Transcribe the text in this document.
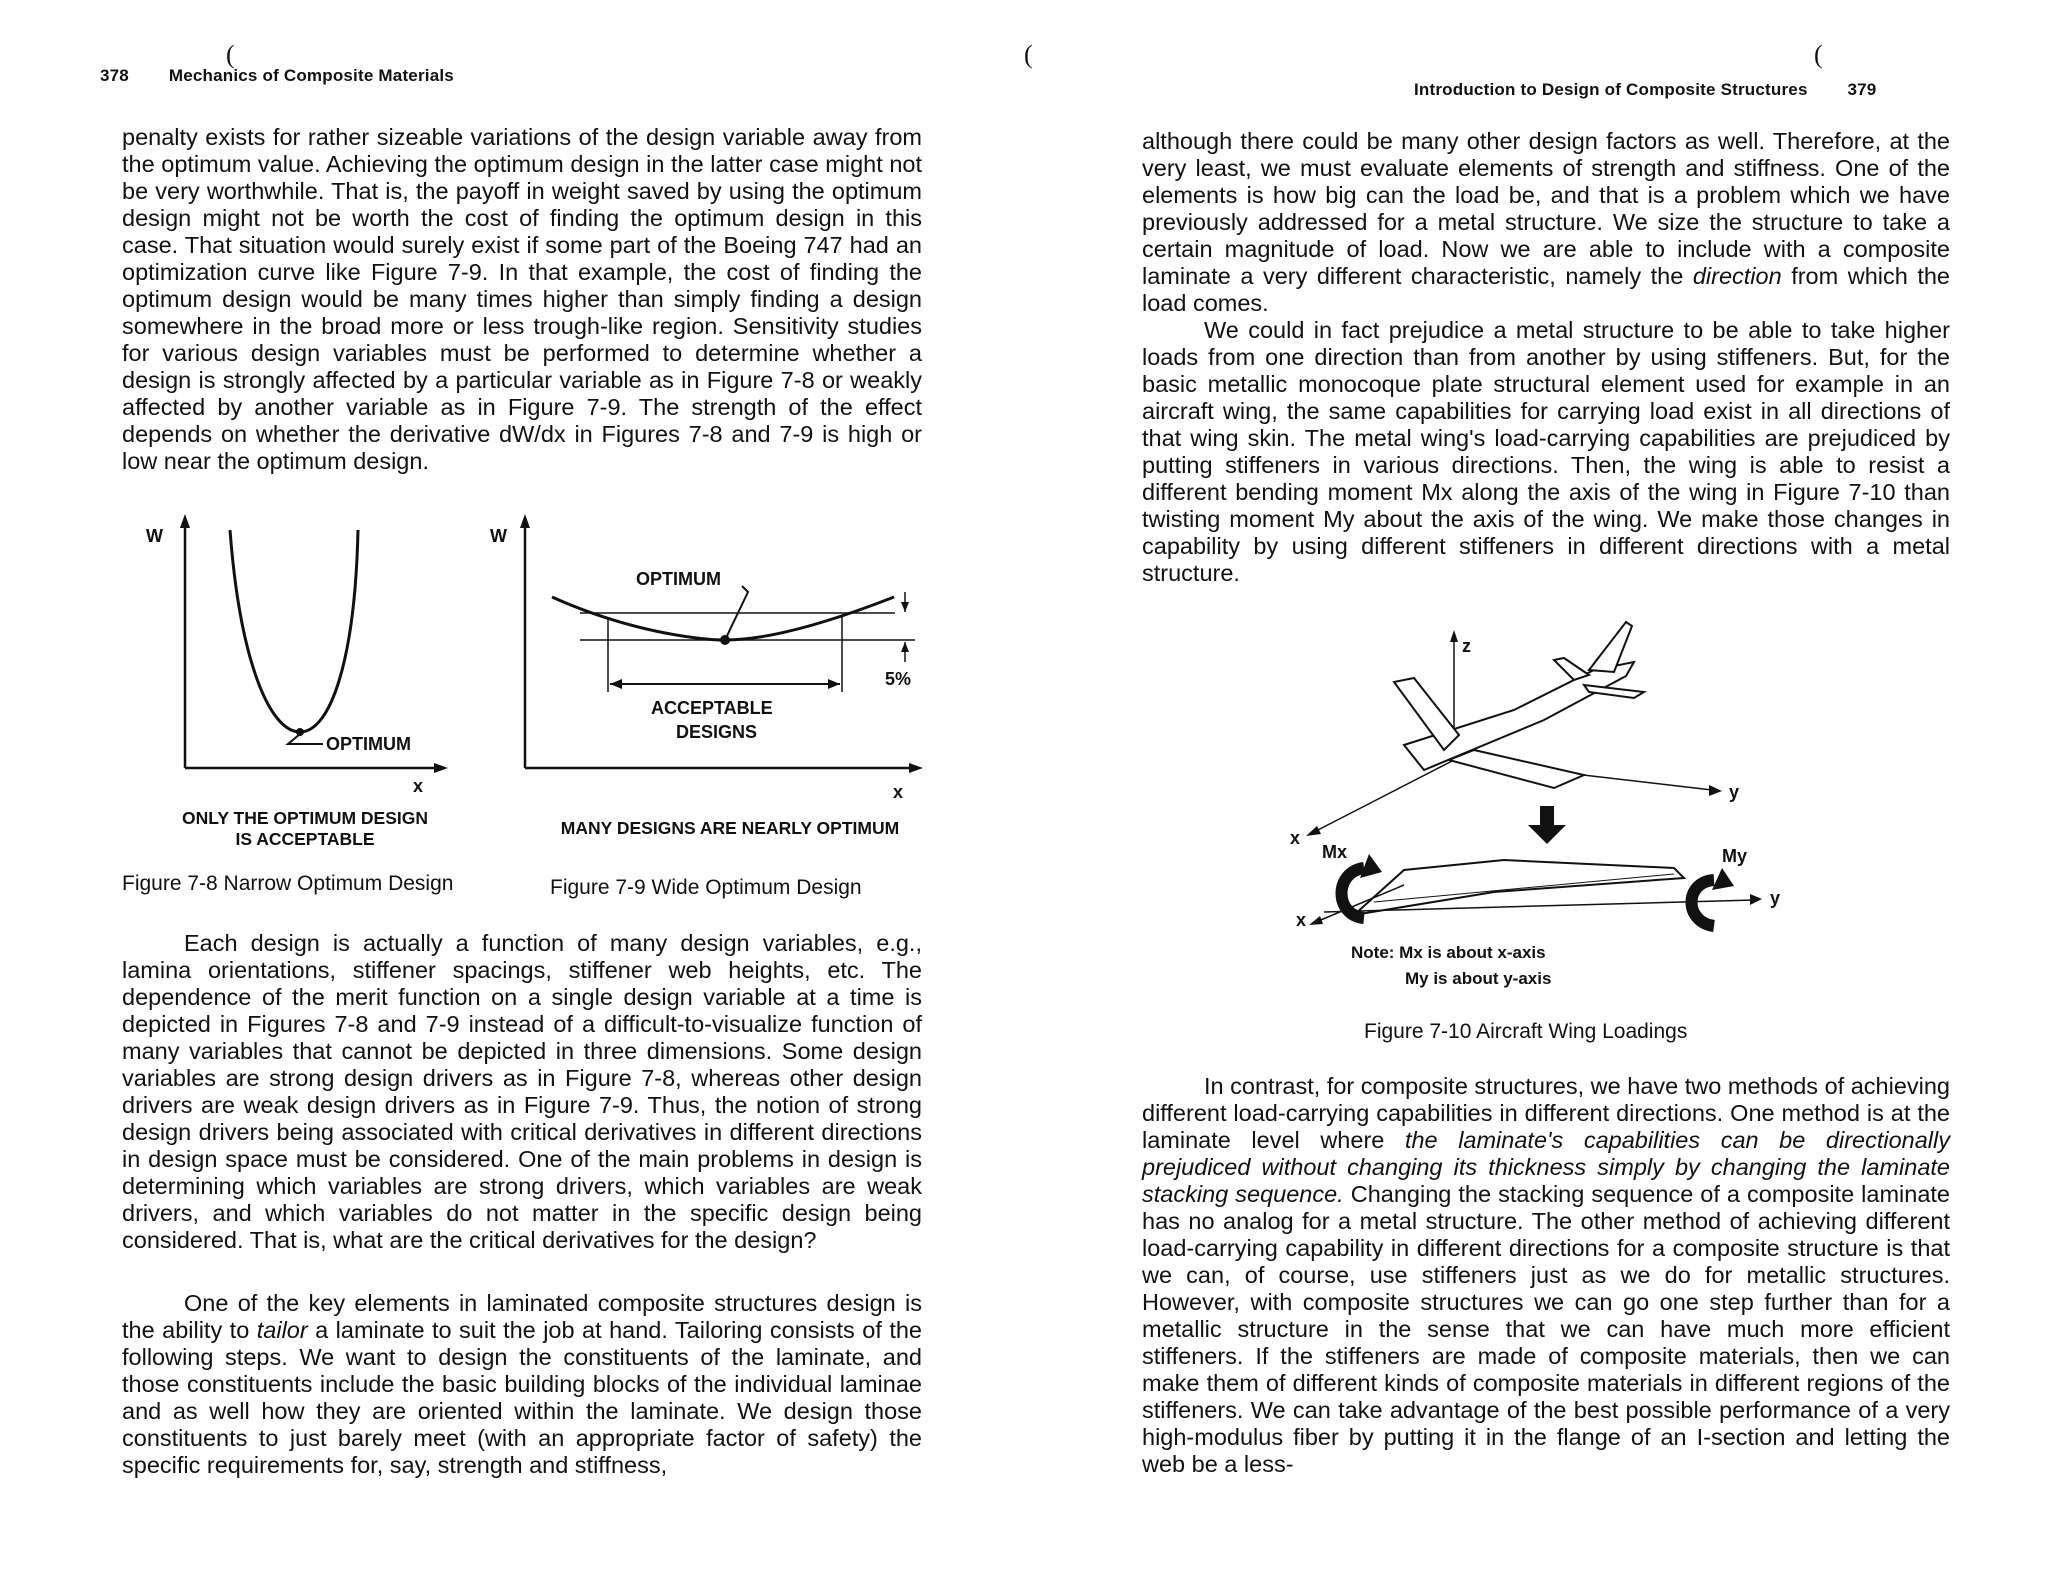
(
378 Mechanics of Composite Materials

penalty exists for rather sizeable variations of the design variable away from the optimum value. Achieving the optimum design in the latter case might not be very worthwhile. That is, the payoff in weight saved by using the optimum design might not be worth the cost of finding the optimum design in this case. That situation would surely exist if some part of the Boeing 747 had an optimization curve like Figure 7-9. In that example, the cost of finding the optimum design would be many times higher than simply finding a design somewhere in the broad more or less trough-like region. Sensitivity studies for various design variables must be performed to determine whether a design is strongly affected by a particular variable as in Figure 7-8 or weakly affected by another variable as in Figure 7-9. The strength of the effect depends on whether the derivative dW/dx in Figures 7-8 and 7-9 is high or low near the optimum design.

W
x
OPTIMUM
ONLY THE OPTIMUM DESIGN
IS ACCEPTABLE
Figure 7-8 Narrow Optimum Design
W
x
OPTIMUM
5%
ACCEPTABLE
DESIGNS
MANY DESIGNS ARE NEARLY OPTIMUM
Figure 7-9 Wide Optimum Design

Each design is actually a function of many design variables, e.g., lamina orientations, stiffener spacings, stiffener web heights, etc. The dependence of the merit function on a single design variable at a time is depicted in Figures 7-8 and 7-9 instead of a difficult-to-visualize function of many variables that cannot be depicted in three dimensions. Some design variables are strong design drivers as in Figure 7-8, whereas other design drivers are weak design drivers as in Figure 7-9. Thus, the notion of strong design drivers being associated with critical derivatives in different directions in design space must be considered. One of the main problems in design is determining which variables are strong drivers, which variables are weak drivers, and which variables do not matter in the specific design being considered. That is, what are the critical derivatives for the design?

One of the key elements in laminated composite structures design is the ability to tailor a laminate to suit the job at hand. Tailoring consists of the following steps. We want to design the constituents of the laminate, and those constituents include the basic building blocks of the individual laminae and as well how they are oriented within the laminate. We design those constituents to just barely meet (with an appropriate factor of safety) the specific requirements for, say, strength and stiffness,

(	(
Introduction to Design of Composite Structures 379

although there could be many other design factors as well. Therefore, at the very least, we must evaluate elements of strength and stiffness. One of the elements is how big can the load be, and that is a problem which we have previously addressed for a metal structure. We size the structure to take a certain magnitude of load. Now we are able to include with a composite laminate a very different characteristic, namely the direction from which the load comes.

We could in fact prejudice a metal structure to be able to take higher loads from one direction than from another by using stiffeners. But, for the basic metallic monocoque plate structural element used for example in an aircraft wing, the same capabilities for carrying load exist in all directions of that wing skin. The metal wing's load-carrying capabilities are prejudiced by putting stiffeners in various directions. Then, the wing is able to resist a different bending moment Mx along the axis of the wing in Figure 7-10 than twisting moment My about the axis of the wing. We make those changes in capability by using different stiffeners in different directions with a metal structure.

z
y
x
y
x
Mx	My
Note: Mx is about x-axis
My is about y-axis
Figure 7-10 Aircraft Wing Loadings

In contrast, for composite structures, we have two methods of achieving different load-carrying capabilities in different directions. One method is at the laminate level where the laminate's capabilities can be directionally prejudiced without changing its thickness simply by changing the laminate stacking sequence. Changing the stacking sequence of a composite laminate has no analog for a metal structure. The other method of achieving different load-carrying capability in different directions for a composite structure is that we can, of course, use stiffeners just as we do for metallic structures. However, with composite structures we can go one step further than for a metallic structure in the sense that we can have much more efficient stiffeners. If the stiffeners are made of composite materials, then we can make them of different kinds of composite materials in different regions of the stiffeners. We can take advantage of the best possible performance of a very high-modulus fiber by putting it in the flange of an I-section and letting the web be a less-
